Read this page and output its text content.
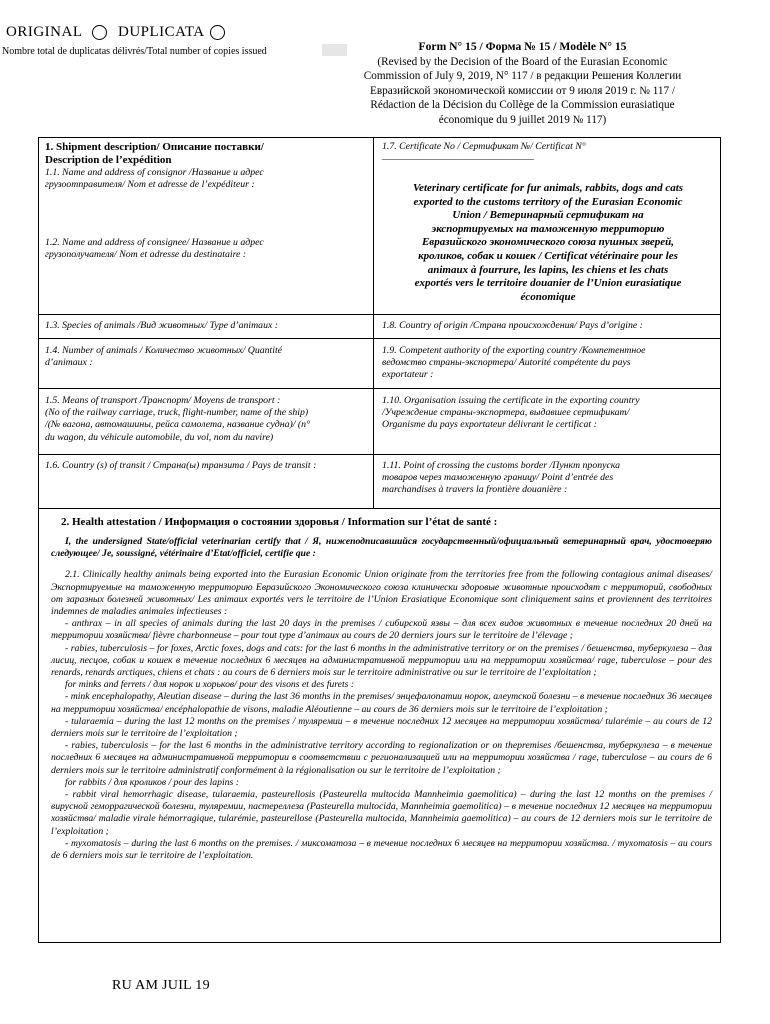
ORIGINAL	DUPLICATA
Nombre total de duplicatas délivrés/Total number of copies issued	Form N° 15 / Форма № 15 / Modèle N° 15
(Revised by the Decision of the Board of the Eurasian Economic
Commission of July 9, 2019, N° 117 / в редакции Решения Коллегии
Евразийской экономической комиссии от 9 июля 2019 г. № 117 /
Rédaction de la Décision du Collège de la Commission eurasiatique
économique du 9 juillet 2019 № 117)
1. Shipment description/ Описание поставки/
Description de l’expédition
1.1. Name and address of consignor /Название и адрес
грузоотправителя/ Nom et adresse de l’expéditeur :
1.2. Name and address of consignee/ Название и адрес
грузополучателя/ Nom et adresse du destinataire :
1.3. Species of animals /Вид животных/ Type d’animaux :
1.4. Number of animals / Количество животных/ Quantité
d’animaux :
1.5. Means of transport /Транспорт/ Moyens de transport :
(No of the railway carriage, truck, flight-number, name of the ship)
/(№ вагона, автомашины, рейса самолета, название судна)/ (n°
du wagon, du véhicule automobile, du vol, nom du navire)
1.6. Country (s) of transit / Страна(ы) транзита / Pays de transit :
1.7. Certificate No / Сертификат №/ Certificat N°
_______________________________
Veterinary certificate for fur animals, rabbits, dogs and cats
exported to the customs territory of the Eurasian Economic
Union / Ветеринарный сертификат на
экспортируемых на таможенную территорию
Евразийского экономического союза пушных зверей,
кроликов, собак и кошек / Certificat vétérinaire pour les
animaux à fourrure, les lapins, les chiens et les chats
exportés vers le territoire douanier de l’Union eurasiatique
économique
1.8. Country of origin /Страна происхождения/ Pays d’origine :
1.9. Competent authority of the exporting country /Компетентное
ведомство страны-экспортера/ Autorité compétente du pays
exportateur :
1.10. Organisation issuing the certificate in the exporting country
/Учреждение страны-экспортера, выдавшее сертификат/
Organisme du pays exportateur délivrant le certificat :
1.11. Point of crossing the customs border /Пункт пропуска
товаров через таможенную границу/ Point d’entrée des
marchandises à travers la frontière douanière :
2. Health attestation / Информация о состоянии здоровья / Information sur l’état de santé :

I, the undersigned State/official veterinarian certify that / Я, нижеподписавшийся государственный/официальный ветеринарный врач, удостоверяю следующее/ Je, soussigné, vétérinaire d’Etat/officiel, certifie que :

2.1. Clinically healthy animals being exported into the Eurasian Economic Union originate from the territories free from the following contagious animal diseases/ Экспортируемые на таможенную территорию Евразийского Экономического союза клинически здоровые животные происходят с территорий, свободных от заразных болезней животных/ Les animaux exportés vers le territoire de l’Union Erasiatique Economique sont cliniquement sains et proviennent des territoires indemnes de maladies animales infectieuses :

- anthrax – in all species of animals during the last 20 days in the premises / сибирской язвы – для всех видов животных в течение последних 20 дней на территории хозяйства/ fièvre charbonneuse – pour tout type d’animaux au cours de 20 derniers jours sur le territoire de l’élevage ;

- rabies, tuberculosis – for foxes, Arctic foxes, dogs and cats: for the last 6 months in the administrative territory or on the premises / бешенства, туберкулеза – для лисиц, песцов, собак и кошек в течение последних 6 месяцев на административной территории или на территории хозяйства/ rage, tuberculose – pour des renards, renards arctiques, chiens et chats : au cours de 6 derniers mois sur le territoire administrative ou sur le territoire de l’exploitation ;

for minks and ferrets / для норок и хорьков/ pour des visons et des furets :

- mink encephalopathy, Aleutian disease – during the last 36 months in the premises/ энцефалопатии норок, алеутской болезни – в течение последних 36 месяцев на территории хозяйства/ encéphalopathie de visons, maladie Aléoutienne – au cours de 36 derniers mois sur le territoire de l’exploitation ;

- tularaemia – during the last 12 months on the premises / туляремии – в течение последних 12 месяцев на территории хозяйства/ tularémie – au cours de 12 derniers mois sur le territoire de l’exploitation ;

- rabies, tuberculosis – for the last 6 months in the administrative territory according to regionalization or on thepremises /бешенства, туберкулеза – в течение последних 6 месяцев на административной территории в соответствии с регионализацией или на территории хозяйства / rage, tuberculose – au cours de 6 derniers mois sur le territoire administratif conformément à la régionalisation ou sur le territoire de l’exploitation ;

for rabbits / для кроликов / pour des lapins :

- rabbit viral hemorrhagic disease, tularaemia, pasteurellosis (Pasteurella multocida Mannheimia gaemolitica) – during the last 12 months on the premises / вирусной геморрагической болезни, туляремии, пастереллеза (Pasteurella multocida, Mannheimia gaemolitica) – в течение последних 12 месяцев на территории хозяйства/ maladie virale hémorragique, tularémie, pasteurellose (Pasteurella multocida, Mannheimia gaemolitica) – au cours de 12 derniers mois sur le territoire de l’exploitation ;

- myxomatosis – during the last 6 months on the premises. / миксоматоза – в течение последних 6 месяцев на территории хозяйства. / myxomatosis – au cours de 6 derniers mois sur le territoire de l’exploitation.

RU AM JUIL 19
